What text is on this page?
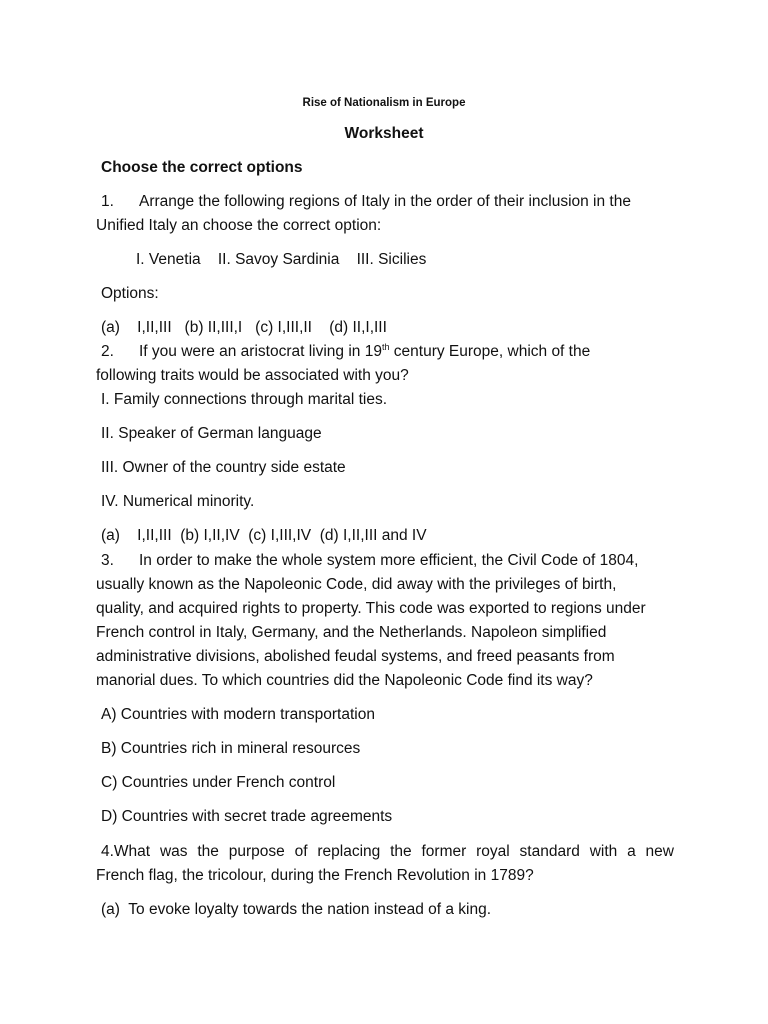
Rise of Nationalism in Europe
Worksheet
Choose the correct options
1. Arrange the following regions of Italy in the order of their inclusion in the
Unified Italy an choose the correct option:
I. Venetia    II. Savoy Sardinia    III. Sicilies
Options:
(a)    I,II,III   (b) II,III,I   (c) I,III,II    (d) II,I,III
2. If you were an aristocrat living in 19th century Europe, which of the
following traits would be associated with you?
I. Family connections through marital ties.
II. Speaker of German language
III. Owner of the country side estate
IV. Numerical minority.
(a)    I,II,III  (b) I,II,IV  (c) I,III,IV  (d) I,II,III and IV
3. In order to make the whole system more efficient, the Civil Code of 1804,
usually known as the Napoleonic Code, did away with the privileges of birth,
quality, and acquired rights to property. This code was exported to regions under
French control in Italy, Germany, and the Netherlands. Napoleon simplified
administrative divisions, abolished feudal systems, and freed peasants from
manorial dues. To which countries did the Napoleonic Code find its way?
A) Countries with modern transportation
B) Countries rich in mineral resources
C) Countries under French control
D) Countries with secret trade agreements
4.What was the purpose of replacing the former royal standard with a new
French flag, the tricolour, during the French Revolution in 1789?
(a)  To evoke loyalty towards the nation instead of a king.
